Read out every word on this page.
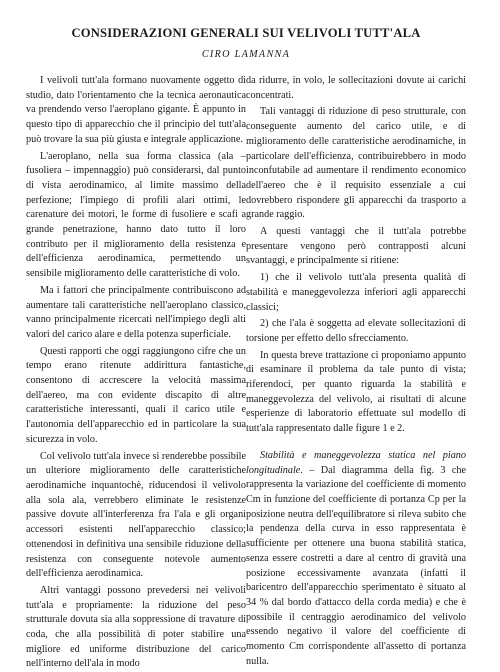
CONSIDERAZIONI GENERALI SUI VELIVOLI TUTT'ALA
CIRO LAMANNA

I velivoli tutt'ala formano nuovamente oggetto di studio, dato l'orientamento che la tecnica aeronautica va prendendo verso l'aeroplano gigante. È appunto in questo tipo di apparecchio che il principio del tutt'ala può trovare la sua più giusta e integrale applicazione.

L'aeroplano, nella sua forma classica (ala – fusoliera – impennaggio) può considerarsi, dal punto di vista aerodinamico, al limite massimo della perfezione; l'impiego di profili alari ottimi, le carenature dei motori, le forme di fusoliere e scafi a grande penetrazione, hanno dato tutto il loro contributo per il miglioramento della resistenza e dell'efficienza aerodinamica, permettendo un sensibile miglioramento delle caratteristiche di volo.

Ma i fattori che principalmente contribuiscono ad aumentare tali caratteristiche nell'aeroplano classico, vanno principalmente ricercati nell'impiego degli alti valori del carico alare e della potenza superficiale.

Questi rapporti che oggi raggiungono cifre che un tempo erano ritenute addirittura fantastiche, consentono di accrescere la velocità massima dell'aereo, ma con evidente discapito di altre caratteristiche interessanti, quali il carico utile e l'autonomia dell'apparecchio ed in particolare la sua sicurezza in volo.

Col velivolo tutt'ala invece si renderebbe possibile un ulteriore miglioramento delle caratteristiche aerodinamiche inquantochè, riducendosi il velivolo alla sola ala, verrebbero eliminate le resistenze passive dovute all'interferenza fra l'ala e gli organi accessori esistenti nell'apparecchio classico; ottenendosi in definitiva una sensibile riduzione della resistenza con conseguente notevole aumento dell'efficienza aerodinamica.

Altri vantaggi possono prevedersi nei velivoli tutt'ala e propriamente: la riduzione del peso strutturale dovuta sia alla soppressione di travature di coda, che alla possibilità di poter stabilire una migliore ed uniforme distribuzione del carico nell'interno dell'ala in modo

da ridurre, in volo, le sollecitazioni dovute ai carichi concentrati.

Tali vantaggi di riduzione di peso strutturale, con conseguente aumento del carico utile, e di miglioramento delle caratteristiche aerodinamiche, in particolare dell'efficienza, contribuirebbero in modo inconfutabile ad aumentare il rendimento economico dell'aereo che è il requisito essenziale a cui dovrebbero rispondere gli apparecchi da trasporto a grande raggio.

A questi vantaggi che il tutt'ala potrebbe presentare vengono però contrapposti alcuni svantaggi, e principalmente si ritiene:

1) che il velivolo tutt'ala presenta qualità di stabilità e maneggevolezza inferiori agli apparecchi classici;

2) che l'ala è soggetta ad elevate sollecitazioni di torsione per effetto dello sfrecciamento.

In questa breve trattazione ci proponiamo appunto di esaminare il problema da tale punto di vista; riferendoci, per quanto riguarda la stabilità e maneggevolezza del velivolo, ai risultati di alcune esperienze di laboratorio effettuate sul modello di tutt'ala rappresentato dalle figure 1 e 2.

Stabilità e maneggevolezza statica nel piano longitudinale. – Dal diagramma della fig. 3 che rappresenta la variazione del coefficiente di momento Cm in funzione del coefficiente di portanza Cp per la posizione neutra dell'equilibratore si rileva subito che la pendenza della curva in esso rappresentata è sufficiente per ottenere una buona stabilità statica, senza essere costretti a dare al centro di gravità una posizione eccessivamente avanzata (infatti il baricentro dell'apparecchio sperimentato è situato al 34 % dal bordo d'attacco della corda media) e che è possibile il centraggio aerodinamico del velivolo essendo negativo il valore del coefficiente di momento Cm corrispondente all'assetto di portanza nulla.
